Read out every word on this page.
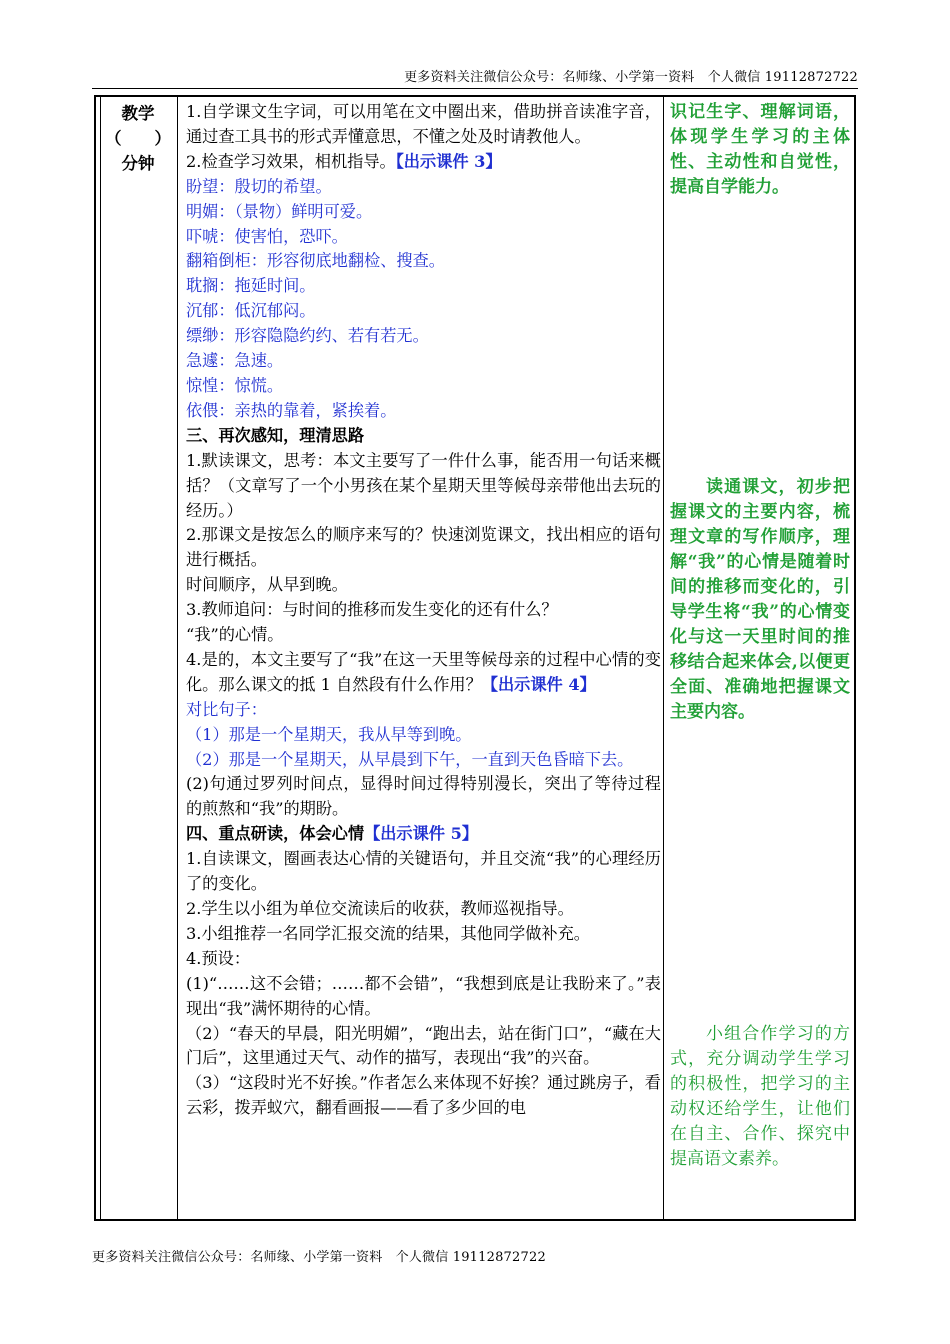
更多资料关注微信公众号：名师缘、小学第一资料　个人微信 19112872722
教学
（　　）
分钟

1.自学课文生字词，可以用笔在文中圈出来，借助拼音读准字音，通过查工具书的形式弄懂意思，不懂之处及时请教他人。

2.检查学习效果，相机指导。【出示课件 3】

盼望：殷切的希望。

明媚：（景物）鲜明可爱。

吓唬：使害怕，恐吓。

翻箱倒柜：形容彻底地翻检、搜查。

耽搁：拖延时间。

沉郁：低沉郁闷。

缥缈：形容隐隐约约、若有若无。

急遽：急速。

惊惶：惊慌。

依偎：亲热的靠着，紧挨着。

三、再次感知，理清思路

1.默读课文，思考：本文主要写了一件什么事，能否用一句话来概括？（文章写了一个小男孩在某个星期天里等候母亲带他出去玩的经历。）

2.那课文是按怎么的顺序来写的？快速浏览课文，找出相应的语句进行概括。

时间顺序，从早到晚。

3.教师追问：与时间的推移而发生变化的还有什么？

“我”的心情。

4.是的，本文主要写了“我”在这一天里等候母亲的过程中心情的变化。那么课文的抵 1 自然段有什么作用？【出示课件 4】

对比句子：

（1）那是一个星期天，我从早等到晚。

（2）那是一个星期天，从早晨到下午，一直到天色昏暗下去。

(2)句通过罗列时间点，显得时间过得特别漫长，突出了等待过程的煎熬和“我”的期盼。

四、重点研读，体会心情【出示课件 5】

1.自读课文，圈画表达心情的关键语句，并且交流“我”的心理经历了的变化。

2.学生以小组为单位交流读后的收获，教师巡视指导。

3.小组推荐一名同学汇报交流的结果，其他同学做补充。

4.预设：

(1)“……这不会错；……都不会错”，“我想到底是让我盼来了。”表现出“我”满怀期待的心情。

（2）“春天的早晨，阳光明媚”，“跑出去，站在街门口”，“藏在大门后”，这里通过天气、动作的描写，表现出“我”的兴奋。

（3）“这段时光不好挨。”作者怎么来体现不好挨？通过跳房子，看云彩，拨弄蚁穴，翻看画报——看了多少回的电

识记生字、理解词语，体现学生学习的主体性、主动性和自觉性，提高自学能力。
读通课文，初步把握课文的主要内容，梳理文章的写作顺序，理解“我”的心情是随着时间的推移而变化的，引导学生将“我”的心情变化与这一天里时间的推移结合起来体会,以便更全面、准确地把握课文主要内容。
小组合作学习的方式，充分调动学生学习的积极性，把学习的主动权还给学生，让他们在自主、合作、探究中提高语文素养。
更多资料关注微信公众号：名师缘、小学第一资料　个人微信 19112872722
